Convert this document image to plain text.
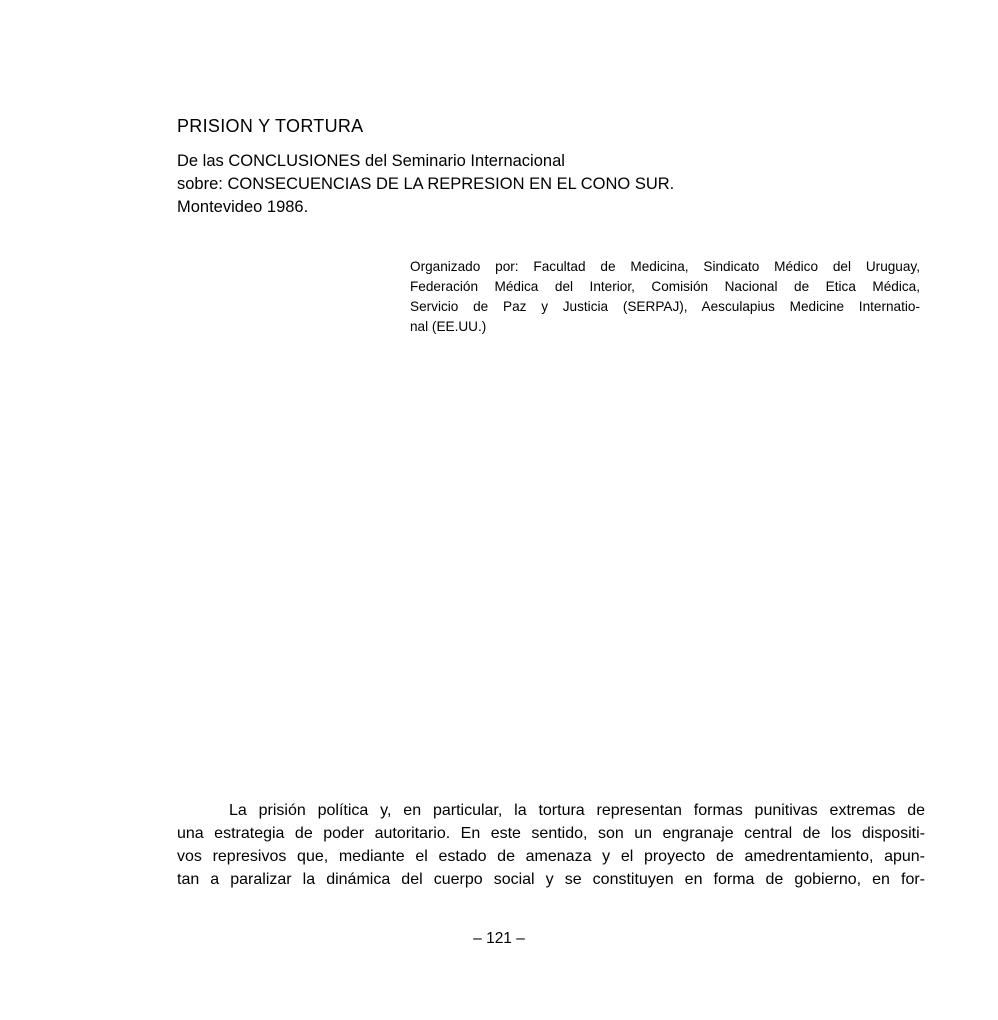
PRISION Y TORTURA

De las CONCLUSIONES del Seminario Internacional
sobre: CONSECUENCIAS DE LA REPRESION EN EL CONO SUR.
Montevideo 1986.

Organizado por: Facultad de Medicina, Sindicato Médico del Uruguay,
Federación Médica del Interior, Comisión Nacional de Etica Médica,
Servicio de Paz y Justicia (SERPAJ), Aesculapius Medicine Internatio-
nal (EE.UU.)

La prisión política y, en particular, la tortura representan formas punitivas extremas de
una estrategia de poder autoritario. En este sentido, son un engranaje central de los dispositi-
vos represivos que, mediante el estado de amenaza y el proyecto de amedrentamiento, apun-
tan a paralizar la dinámica del cuerpo social y se constituyen en forma de gobierno, en for-

– 121 –
